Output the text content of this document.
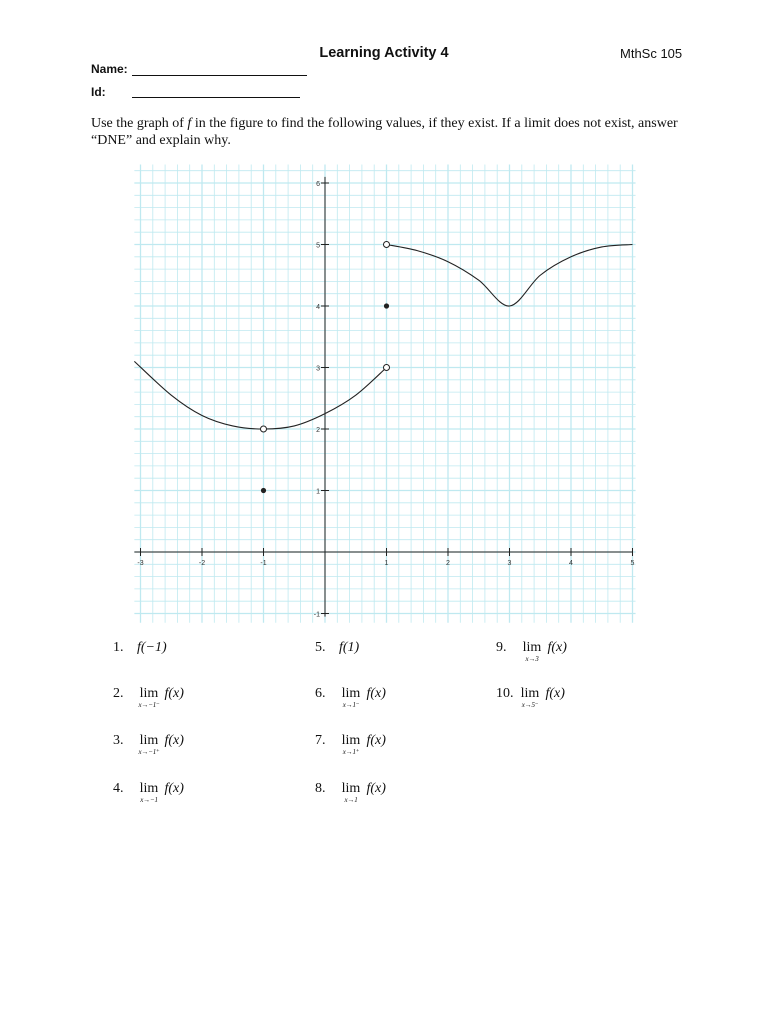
Learning Activity 4	MthSc 105
Name:
Id:
Use the graph of f in the figure to find the following values, if they exist. If a limit does not exist, answer “DNE” and explain why.
-3	-2	-1	1	2	3	4	5
-1
1
2
3
4
5
6
1. f(−1)
2. lim
x→−1⁻
f(x)
3. lim
x→−1⁺
f(x)
4. lim
x→−1
f(x)
5. f(1)
6. lim
x→1⁻
f(x)
7. lim
x→1⁺
f(x)
8. lim
x→1
f(x)
9. lim
x→3
f(x)
10. lim
x→5⁻
f(x)
